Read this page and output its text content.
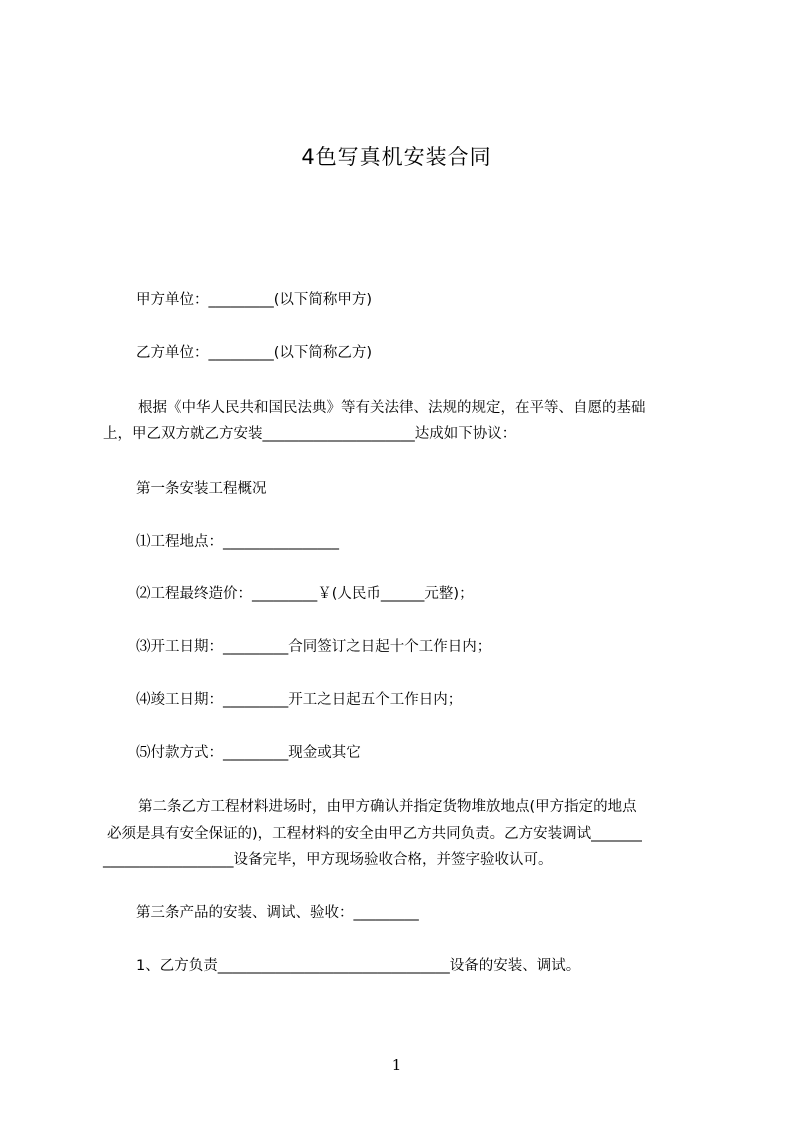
4色写真机安装合同
甲方单位：_________(以下简称甲方)
乙方单位：_________(以下简称乙方)
根据《中华人民共和国民法典》等有关法律、法规的规定，在平等、自愿的基础
上，甲乙双方就乙方安装_____________________达成如下协议：
第一条安装工程概况
⑴工程地点：________________
⑵工程最终造价：_________￥(人民币______元整)；
⑶开工日期：_________合同签订之日起十个工作日内；
⑷竣工日期：_________开工之日起五个工作日内；
⑸付款方式：_________现金或其它
第二条乙方工程材料进场时，由甲方确认并指定货物堆放地点(甲方指定的地点
必须是具有安全保证的)，工程材料的安全由甲乙方共同负责。乙方安装调试_______
__________________设备完毕，甲方现场验收合格，并签字验收认可。
第三条产品的安装、调试、验收：_________
1、乙方负责________________________________设备的安装、调试。
1
